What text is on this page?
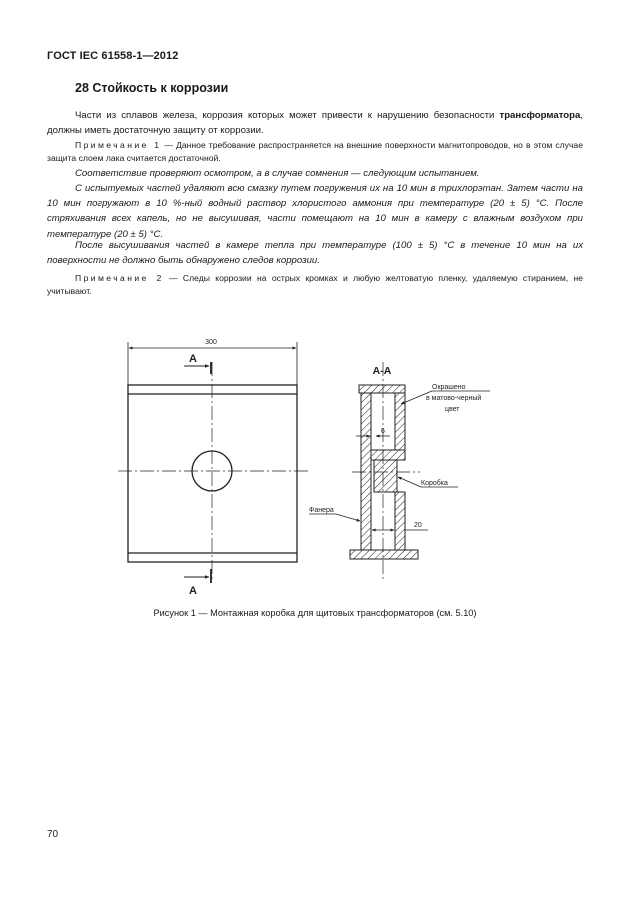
ГОСТ IEC 61558-1—2012
28 Стойкость к коррозии
Части из сплавов железа, коррозия которых может привести к нарушению безопасности трансформатора, должны иметь достаточную защиту от коррозии.
Примечание 1 — Данное требование распространяется на внешние поверхности магнитопроводов, но в этом случае защита слоем лака считается достаточной.
Соответствие проверяют осмотром, а в случае сомнения — следующим испытанием.
С испытуемых частей удаляют всю смазку путем погружения их на 10 мин в трихлорэтан. Затем части на 10 мин погружают в 10 %-ный водный раствор хлористого аммония при температуре (20 ± 5) °C. После стряхивания всех капель, но не высушивая, части помещают на 10 мин в камеру с влажным воздухом при температуре (20 ± 5) °C.
После высушивания частей в камере тепла при температуре (100 ± 5) °C в течение 10 мин на их поверхности не должно быть обнаружено следов коррозии.
Примечание 2 — Следы коррозии на острых кромках и любую желтоватую пленку, удаляемую стиранием, не учитывают.
300
А
А
А-А
Окрашено
в матово-черный
цвет
6
Коробка
Фанера
20
Рисунок 1 — Монтажная коробка для щитовых трансформаторов (см. 5.10)
70
